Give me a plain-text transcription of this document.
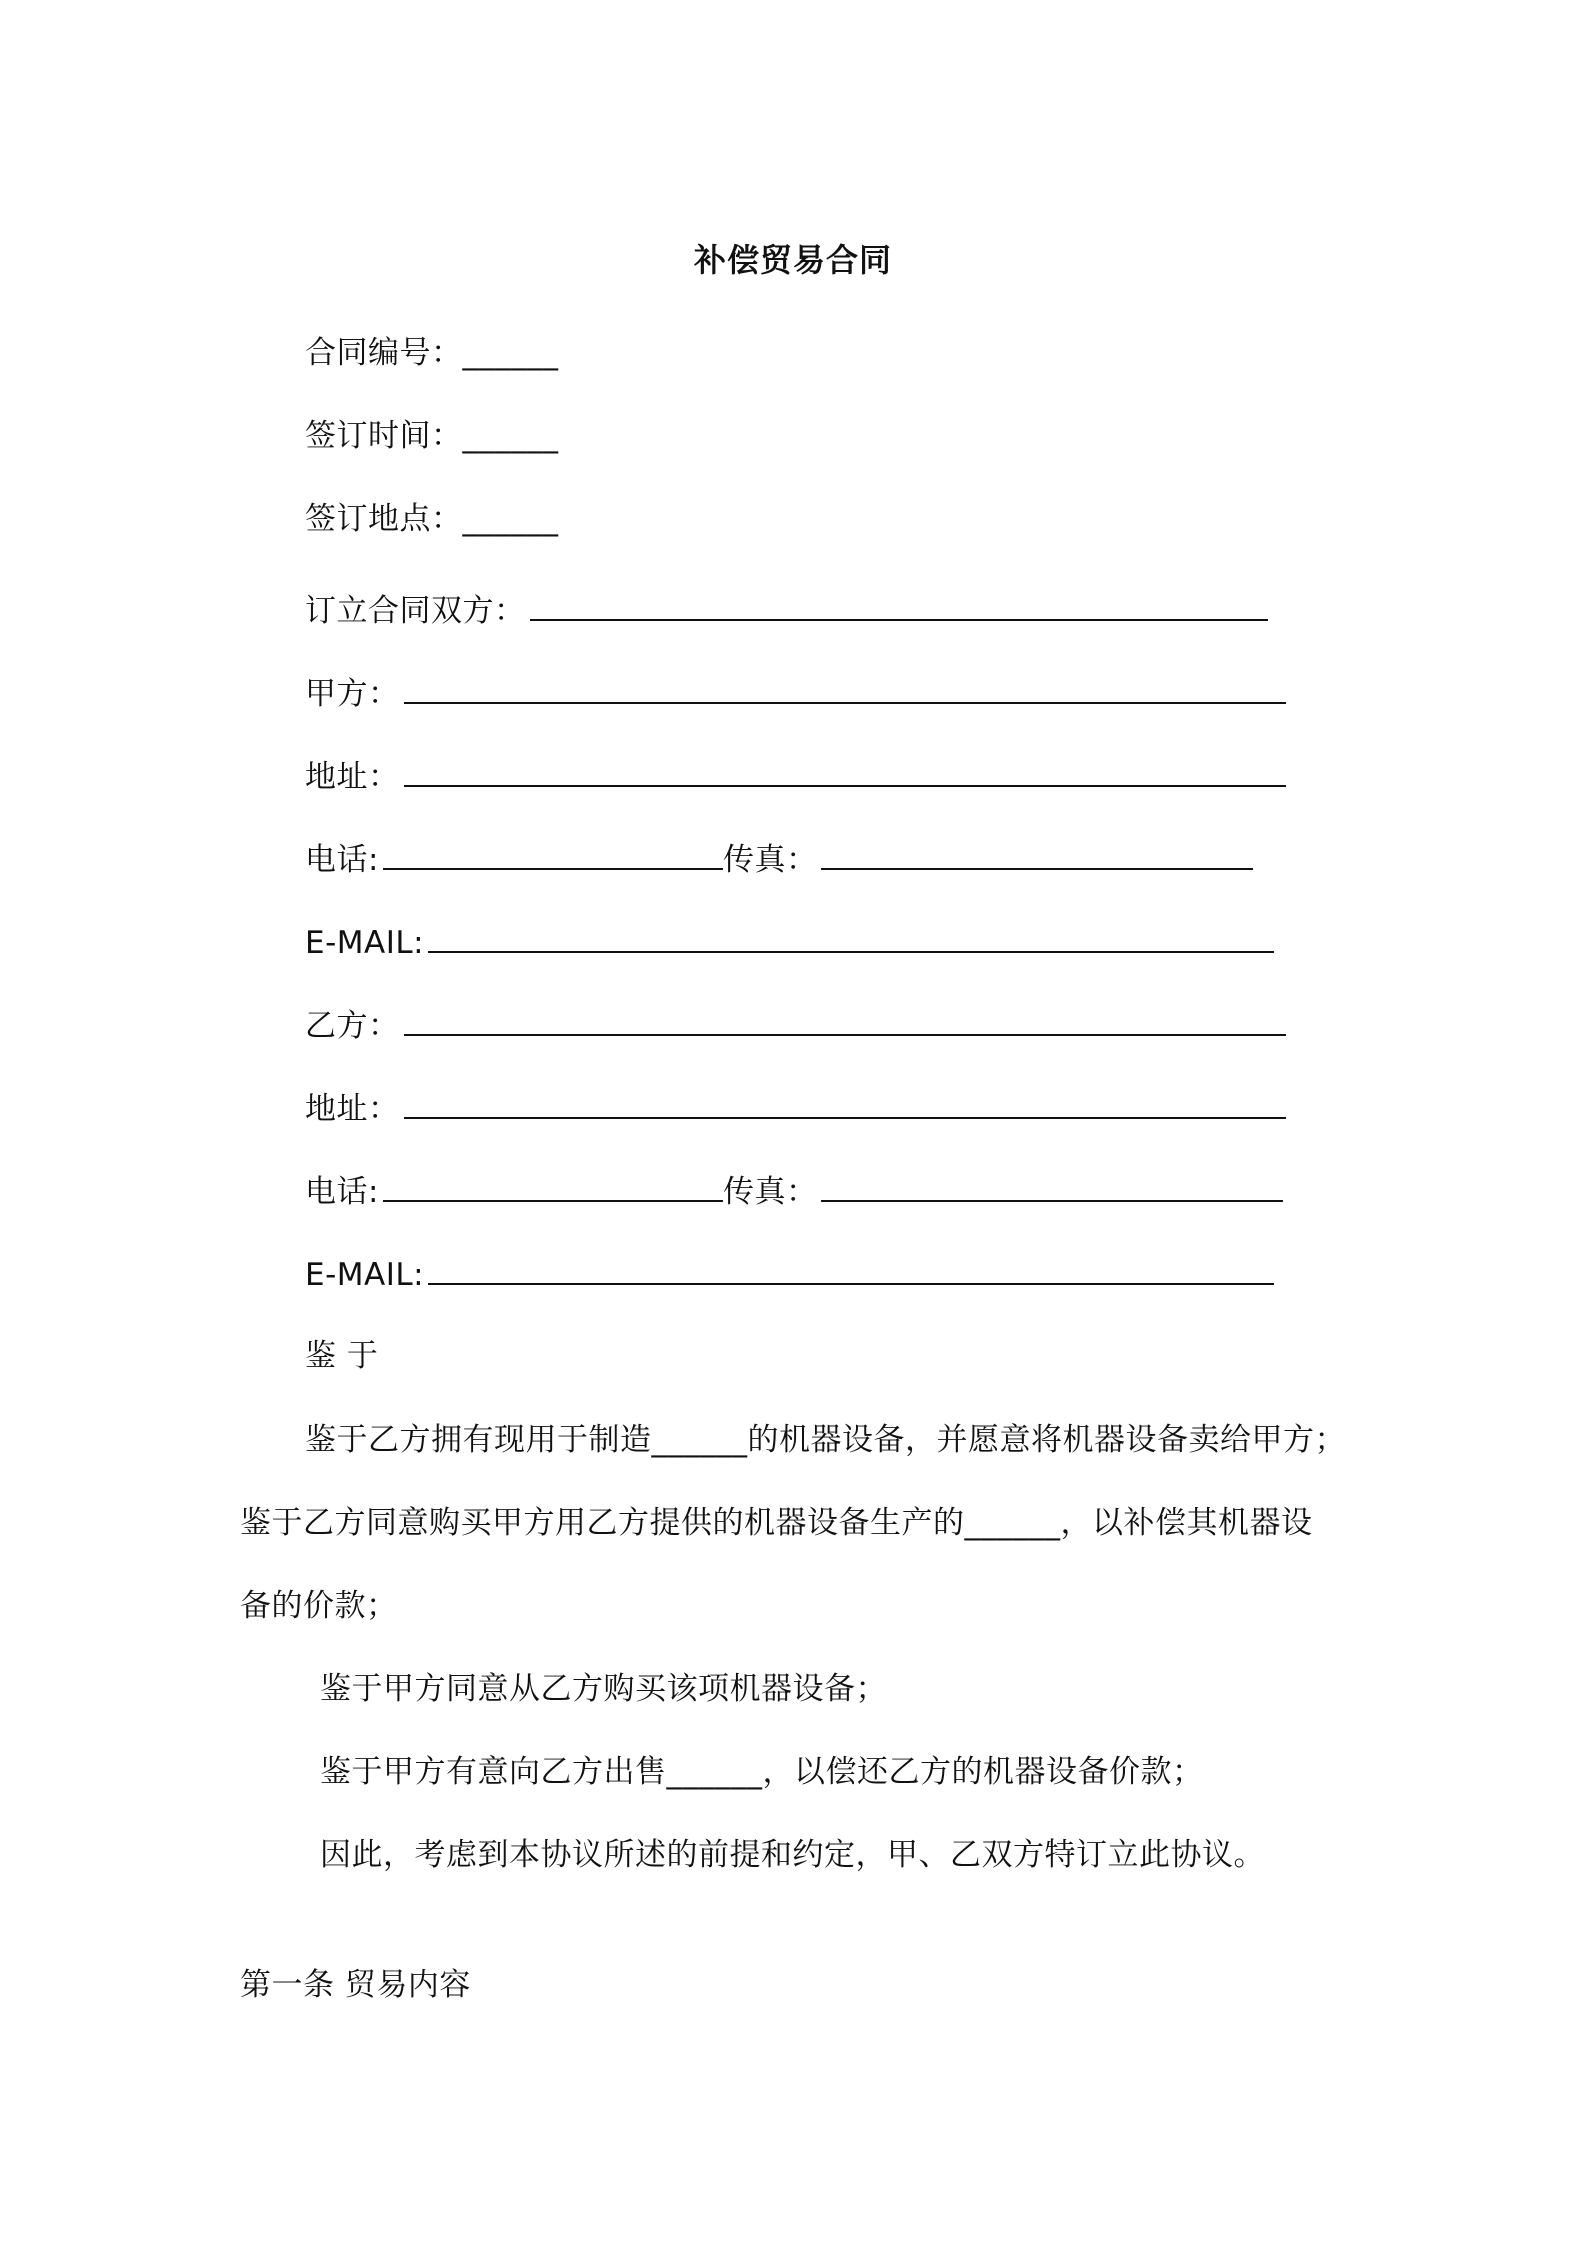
补偿贸易合同
合同编号：______
签订时间：______
签订地点：______
订立合同双方：
甲方：
地址：
电话:	传真：
E-MAIL:
乙方：
地址：
电话:	传真：
E-MAIL:
鉴 于
鉴于乙方拥有现用于制造______的机器设备，并愿意将机器设备卖给甲方；
鉴于乙方同意购买甲方用乙方提供的机器设备生产的______，以补偿其机器设
备的价款；
鉴于甲方同意从乙方购买该项机器设备；
鉴于甲方有意向乙方出售______，以偿还乙方的机器设备价款；
因此，考虑到本协议所述的前提和约定，甲、乙双方特订立此协议。
第一条 贸易内容
